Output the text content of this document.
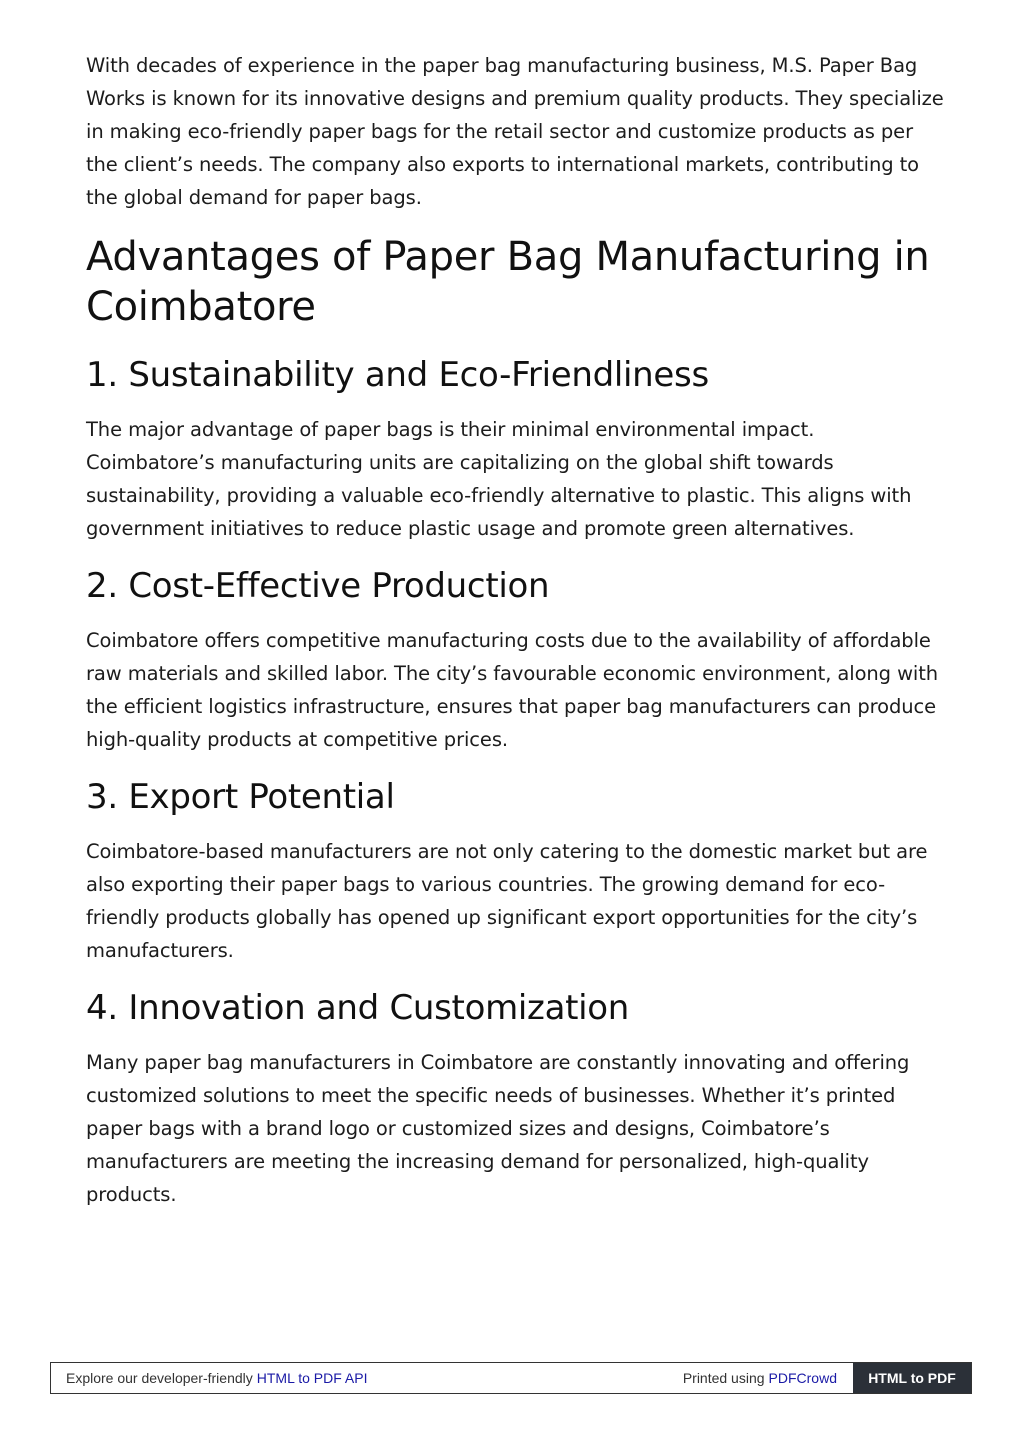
With decades of experience in the paper bag manufacturing business, M.S. Paper Bag Works is known for its innovative designs and premium quality products. They specialize in making eco-friendly paper bags for the retail sector and customize products as per the client’s needs. The company also exports to international markets, contributing to the global demand for paper bags.

Advantages of Paper Bag Manufacturing in Coimbatore
1. Sustainability and Eco-Friendliness

The major advantage of paper bags is their minimal environmental impact. Coimbatore’s manufacturing units are capitalizing on the global shift towards sustainability, providing a valuable eco-friendly alternative to plastic. This aligns with government initiatives to reduce plastic usage and promote green alternatives.

2. Cost-Effective Production

Coimbatore offers competitive manufacturing costs due to the availability of affordable raw materials and skilled labor. The city’s favourable economic environment, along with the efficient logistics infrastructure, ensures that paper bag manufacturers can produce high-quality products at competitive prices.

3. Export Potential

Coimbatore-based manufacturers are not only catering to the domestic market but are also exporting their paper bags to various countries. The growing demand for eco-friendly products globally has opened up significant export opportunities for the city’s manufacturers.

4. Innovation and Customization

Many paper bag manufacturers in Coimbatore are constantly innovating and offering customized solutions to meet the specific needs of businesses. Whether it’s printed paper bags with a brand logo or customized sizes and designs, Coimbatore’s manufacturers are meeting the increasing demand for personalized, high-quality products.

Explore our developer-friendly HTML to PDF API	Printed using PDFCrowd	HTML to PDF
